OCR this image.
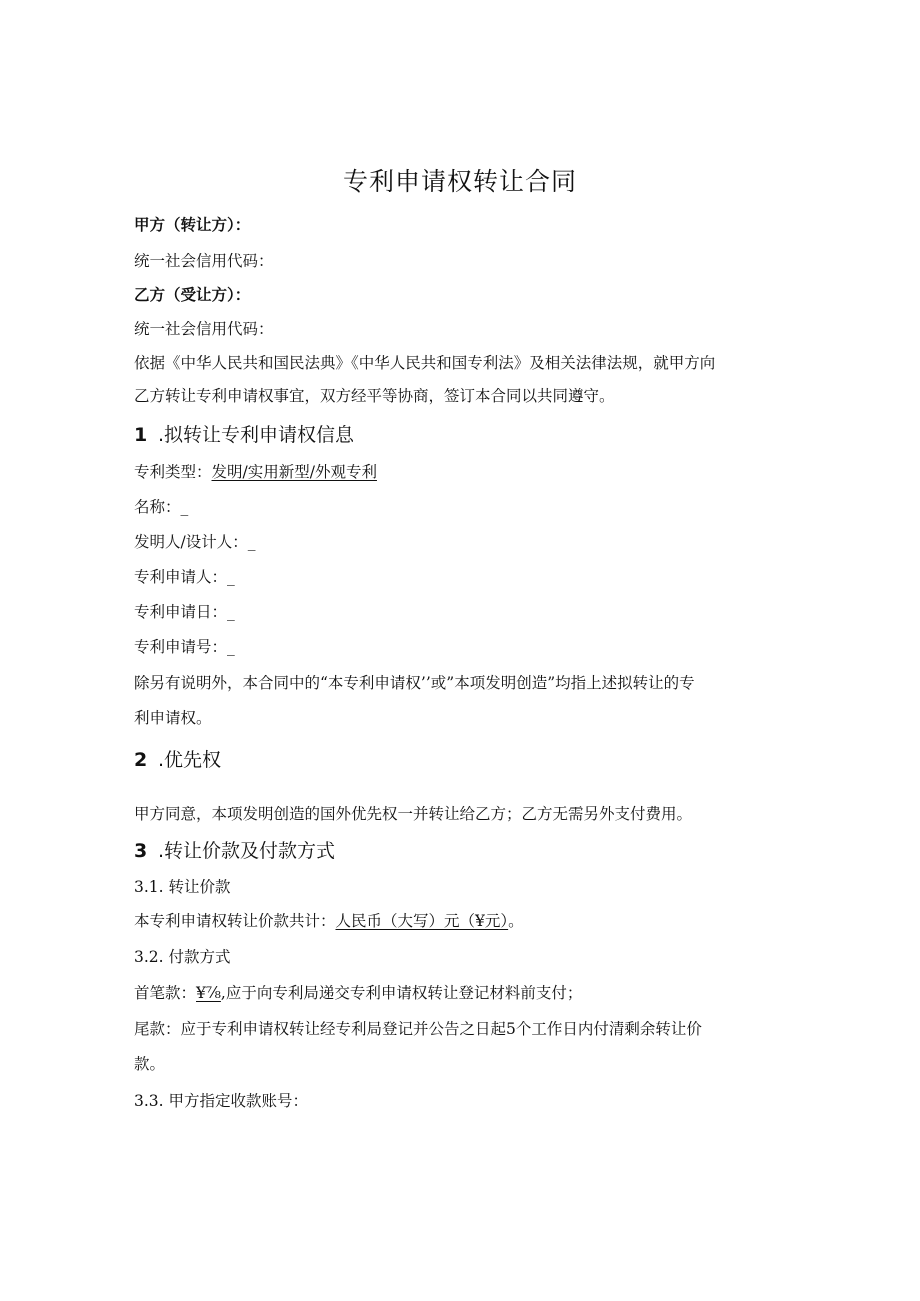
专利申请权转让合同
甲方（转让方）：
统一社会信用代码：
乙方（受让方）：
统一社会信用代码：
依据《中华人民共和国民法典》《中华人民共和国专利法》及相关法律法规，就甲方向
乙方转让专利申请权事宜，双方经平等协商，签订本合同以共同遵守。
1 .拟转让专利申请权信息
专利类型：发明/实用新型/外观专利
名称：_
发明人/设计人：_
专利申请人：_
专利申请日：_
专利申请号：_
除另有说明外，本合同中的“本专利申请权’’或”本项发明创造”均指上述拟转让的专
利申请权。
2 .优先权
甲方同意，本项发明创造的国外优先权一并转让给乙方；乙方无需另外支付费用。
3 .转让价款及付款方式
3.1. 转让价款
本专利申请权转让价款共计：人民币（大写）元（¥元）。
3.2. 付款方式
首笔款：¥⅞,应于向专利局递交专利申请权转让登记材料前支付；
尾款：应于专利申请权转让经专利局登记并公告之日起5个工作日内付清剩余转让价
款。
3.3. 甲方指定收款账号：
